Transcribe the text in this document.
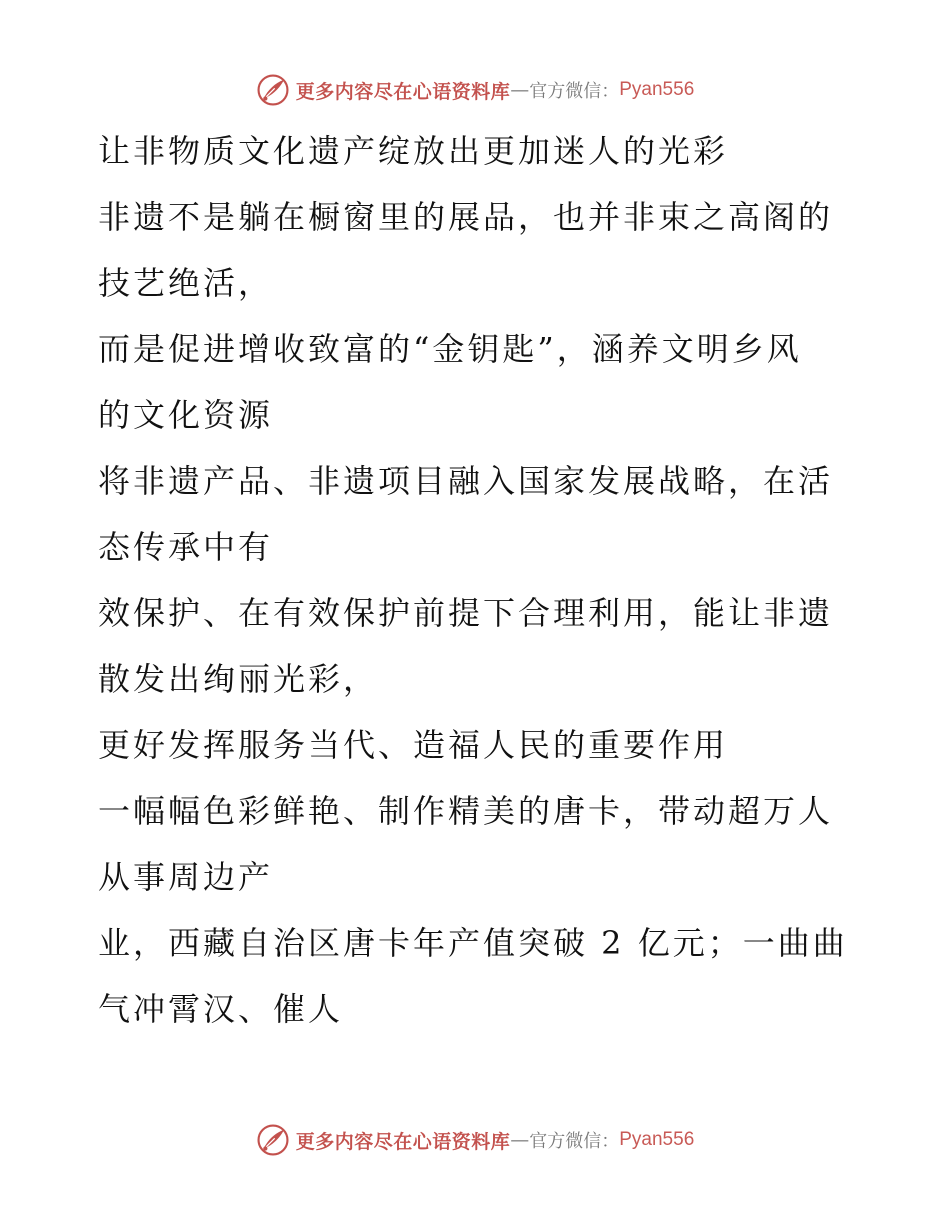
更多内容尽在心语资料库 — 官方微信： Pyan556

让非物质文化遗产绽放出更加迷人的光彩

非遗不是躺在橱窗里的展品，也并非束之高阁的

技艺绝活，

而是促进增收致富的“金钥匙”，涵养文明乡风

的文化资源

将非遗产品、非遗项目融入国家发展战略，在活

态传承中有

效保护、在有效保护前提下合理利用，能让非遗

散发出绚丽光彩，

更好发挥服务当代、造福人民的重要作用

一幅幅色彩鲜艳、制作精美的唐卡，带动超万人

从事周边产

业，西藏自治区唐卡年产值突破 2 亿元；一曲曲

气冲霄汉、催人

更多内容尽在心语资料库 — 官方微信： Pyan556
